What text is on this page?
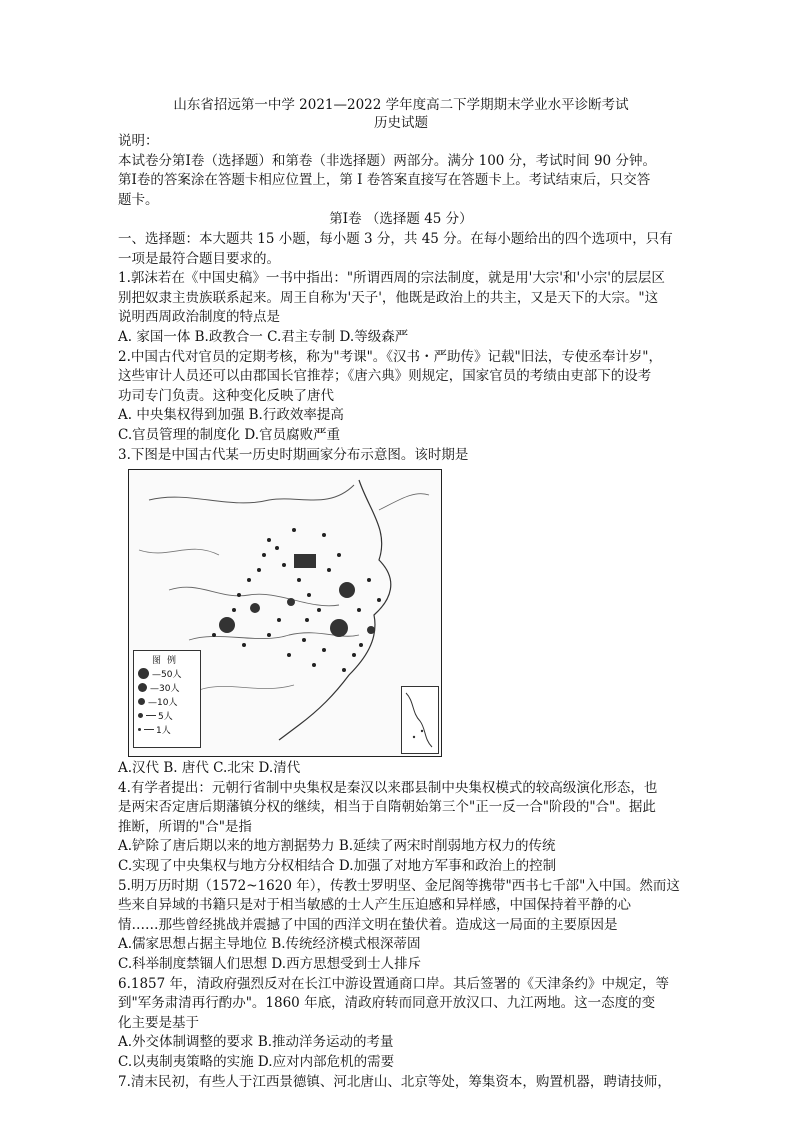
山东省招远第一中学 2021—2022 学年度高二下学期期末学业水平诊断考试
历史试题

说明：

本试卷分第Ⅰ卷（选择题）和第卷（非选择题）两部分。满分 100 分，考试时间 90 分钟。

第Ⅰ卷的答案涂在答题卡相应位置上，第 Ⅰ 卷答案直接写在答题卡上。考试结束后，只交答

题卡。

第Ⅰ卷 （选择题 45 分）

一、选择题：本大题共 15 小题，每小题 3 分，共 45 分。在每小题给出的四个选项中，只有

一项是最符合题目要求的。

1.郭沫若在《中国史稿》一书中指出："所谓西周的宗法制度，就是用'大宗'和'小宗'的层层区

别把奴隶主贵族联系起来。周王自称为'天子'，他既是政治上的共主，又是天下的大宗。"这

说明西周政治制度的特点是

A. 家国一体 B.政教合一 C.君主专制 D.等级森严

2.中国古代对官员的定期考核，称为"考课"。《汉书・严助传》记载"旧法，专使丞奉计岁"，

这些审计人员还可以由郡国长官推荐；《唐六典》则规定，国家官员的考绩由吏部下的设考

功司专门负责。这种变化反映了唐代

A. 中央集权得到加强 B.行政效率提高

C.官员管理的制度化 D.官员腐败严重

3.下图是中国古代某一历史时期画家分布示意图。该时期是

图例
—50人
—30人
—10人
5人
1人

A.汉代 B. 唐代 C.北宋 D.清代

4.有学者提出：元朝行省制中央集权是秦汉以来郡县制中央集权模式的较高级演化形态，也

是两宋否定唐后期藩镇分权的继续，相当于自隋朝始第三个"正一反一合"阶段的"合"。据此

推断，所谓的"合"是指

A.铲除了唐后期以来的地方割据势力 B.延续了两宋时削弱地方权力的传统

C.实现了中央集权与地方分权相结合 D.加强了对地方军事和政治上的控制

5.明万历时期（1572~1620 年），传教士罗明坚、金尼阁等携带"西书七千部"入中国。然而这

些来自异域的书籍只是对于相当敏感的士人产生压迫感和异样感，中国保持着平静的心

情……那些曾经挑战并震撼了中国的西洋文明在蛰伏着。造成这一局面的主要原因是

A.儒家思想占据主导地位 B.传统经济模式根深蒂固

C.科举制度禁锢人们思想 D.西方思想受到士人排斥

6.1857 年，清政府强烈反对在长江中游设置通商口岸。其后签署的《天津条约》中规定，等

到"军务肃清再行酌办"。1860 年底，清政府转而同意开放汉口、九江两地。这一态度的变

化主要是基于

A.外交体制调整的要求 B.推动洋务运动的考量

C.以夷制夷策略的实施 D.应对内部危机的需要

7.清末民初，有些人于江西景德镇、河北唐山、北京等处，筹集资本，购置机器，聘请技师，
